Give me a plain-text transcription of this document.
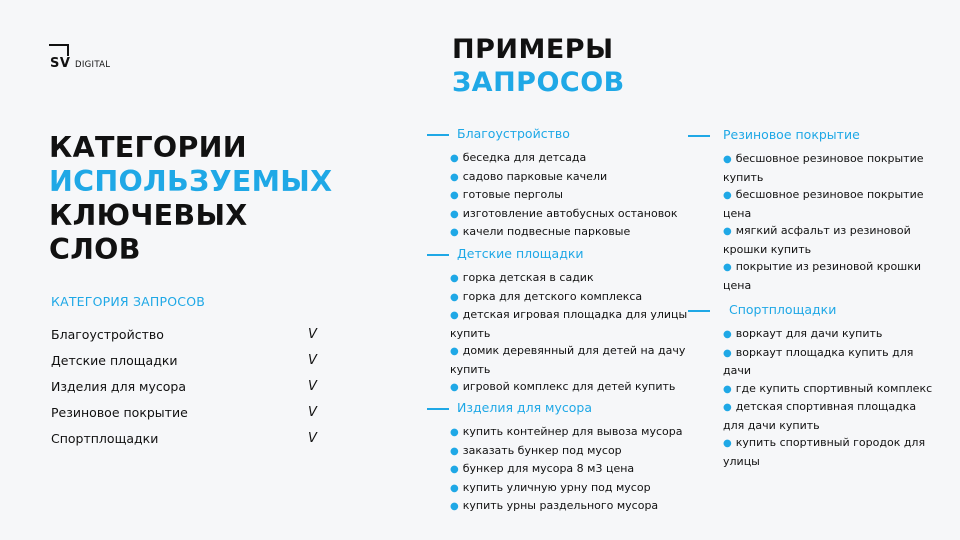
SV DIGITAL	ПРИМЕРЫ
ЗАПРОСОВ
КАТЕГОРИИ
ИСПОЛЬЗУЕМЫХ
КЛЮЧЕВЫХ
СЛОВ
КАТЕГОРИЯ ЗАПРОСОВ
Благоустройство	V
Детские площадки	V
Изделия для мусора	V
Резиновое покрытие	V
Спортплощадки	V
Благоустройство
● беседка для детсада
● садово парковые качели
● готовые перголы
● изготовление автобусных остановок
● качели подвесные парковые
Детские площадки
● горка детская в садик
● горка для детского комплекса
● детская игровая площадка для улицы
купить
● домик деревянный для детей на дачу
купить
● игровой комплекс для детей купить
Изделия для мусора
● купить контейнер для вывоза мусора
● заказать бункер под мусор
● бункер для мусора 8 м3 цена
● купить уличную урну под мусор
● купить урны раздельного мусора
Резиновое покрытие
● бесшовное резиновое покрытие
купить
● бесшовное резиновое покрытие
цена
● мягкий асфальт из резиновой
крошки купить
● покрытие из резиновой крошки
цена
Спортплощадки
● воркаут для дачи купить
● воркаут площадка купить для
дачи
● где купить спортивный комплекс
● детская спортивная площадка
для дачи купить
● купить спортивный городок для
улицы
